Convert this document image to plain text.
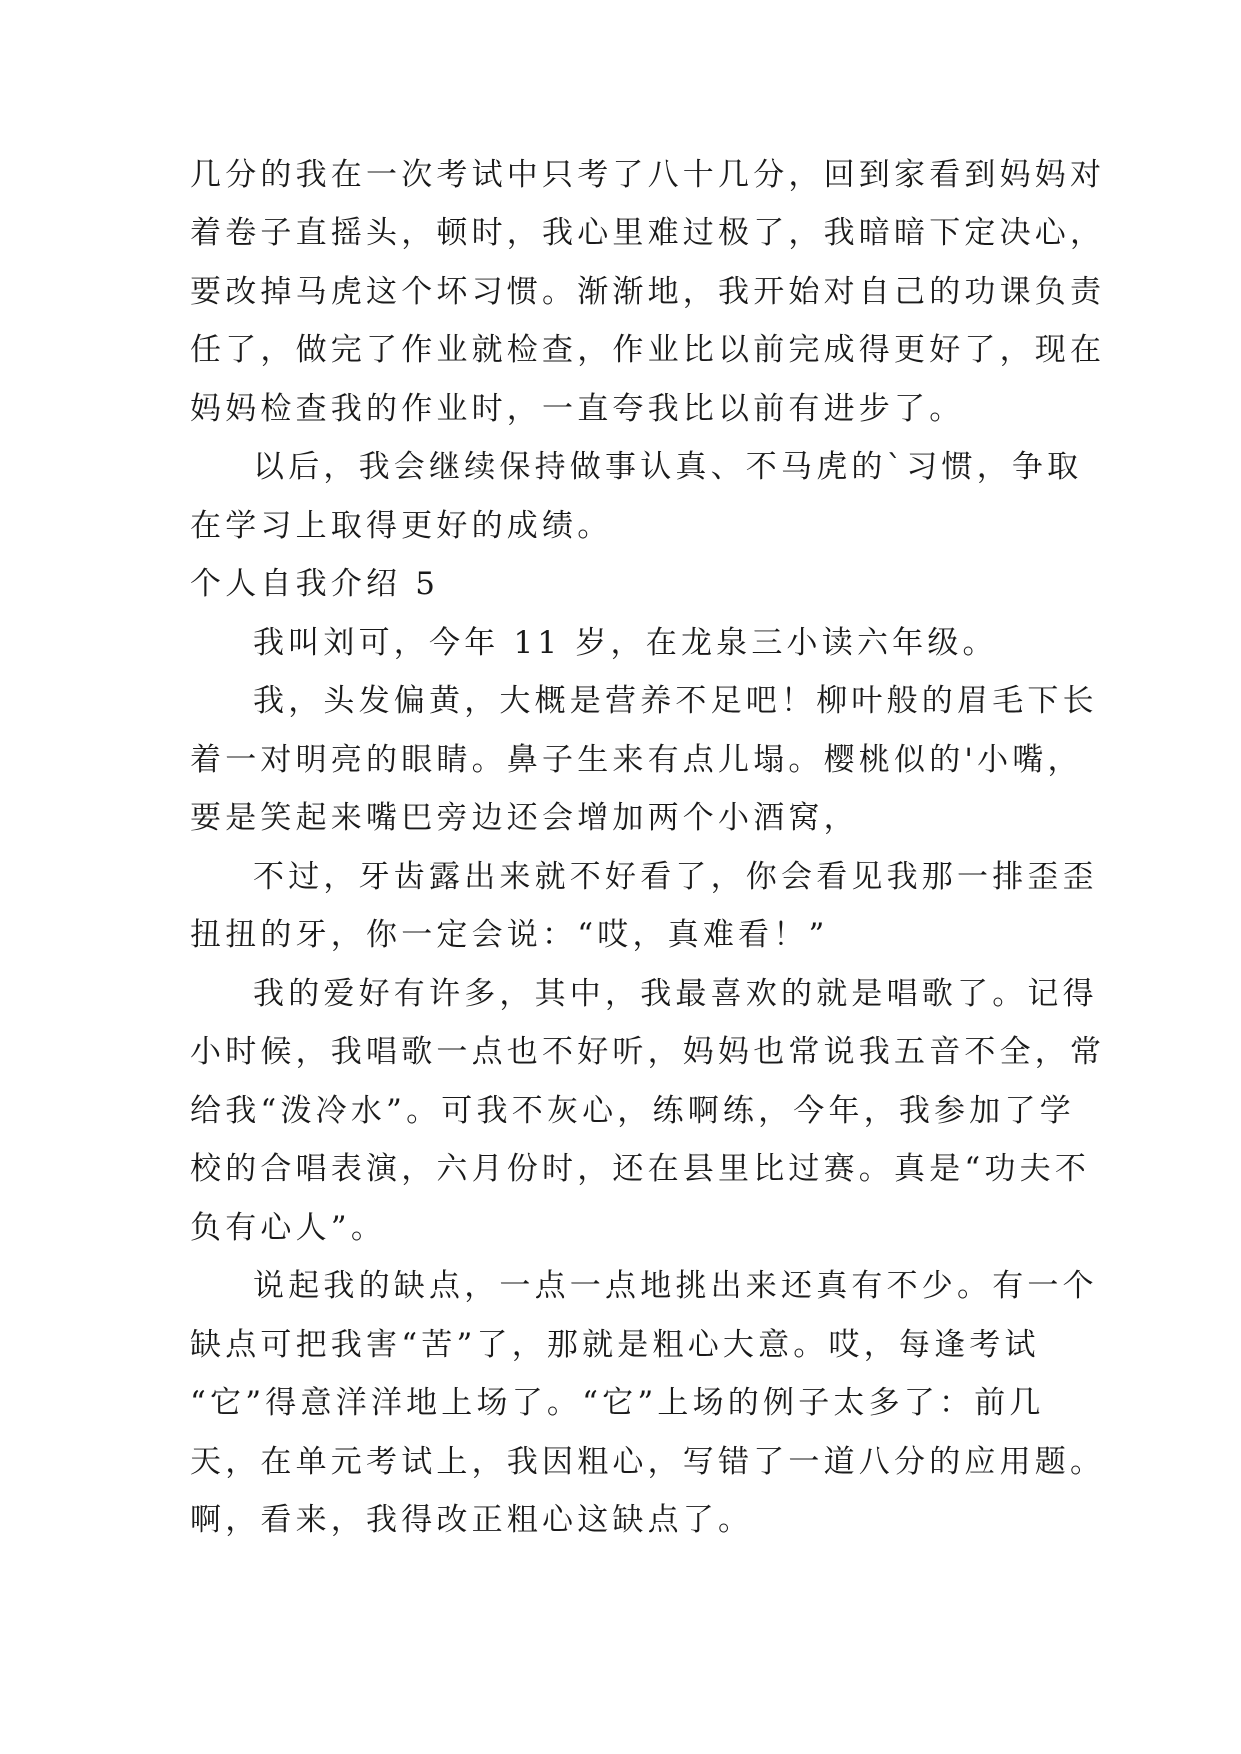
几分的我在一次考试中只考了八十几分，回到家看到妈妈对
着卷子直摇头，顿时，我心里难过极了，我暗暗下定决心，
要改掉马虎这个坏习惯。渐渐地，我开始对自己的功课负责
任了，做完了作业就检查，作业比以前完成得更好了，现在
妈妈检查我的作业时，一直夸我比以前有进步了。
以后，我会继续保持做事认真、不马虎的`习惯，争取
在学习上取得更好的成绩。
个人自我介绍 5
我叫刘可，今年 11 岁，在龙泉三小读六年级。
我，头发偏黄，大概是营养不足吧！柳叶般的眉毛下长
着一对明亮的眼睛。鼻子生来有点儿塌。樱桃似的'小嘴，
要是笑起来嘴巴旁边还会增加两个小酒窝，
不过，牙齿露出来就不好看了，你会看见我那一排歪歪
扭扭的牙，你一定会说：“哎，真难看！”
我的爱好有许多，其中，我最喜欢的就是唱歌了。记得
小时候，我唱歌一点也不好听，妈妈也常说我五音不全，常
给我“泼冷水”。可我不灰心，练啊练，今年，我参加了学
校的合唱表演，六月份时，还在县里比过赛。真是“功夫不
负有心人”。
说起我的缺点，一点一点地挑出来还真有不少。有一个
缺点可把我害“苦”了，那就是粗心大意。哎，每逢考试
“它”得意洋洋地上场了。“它”上场的例子太多了：前几
天，在单元考试上，我因粗心，写错了一道八分的应用题。
啊，看来，我得改正粗心这缺点了。
